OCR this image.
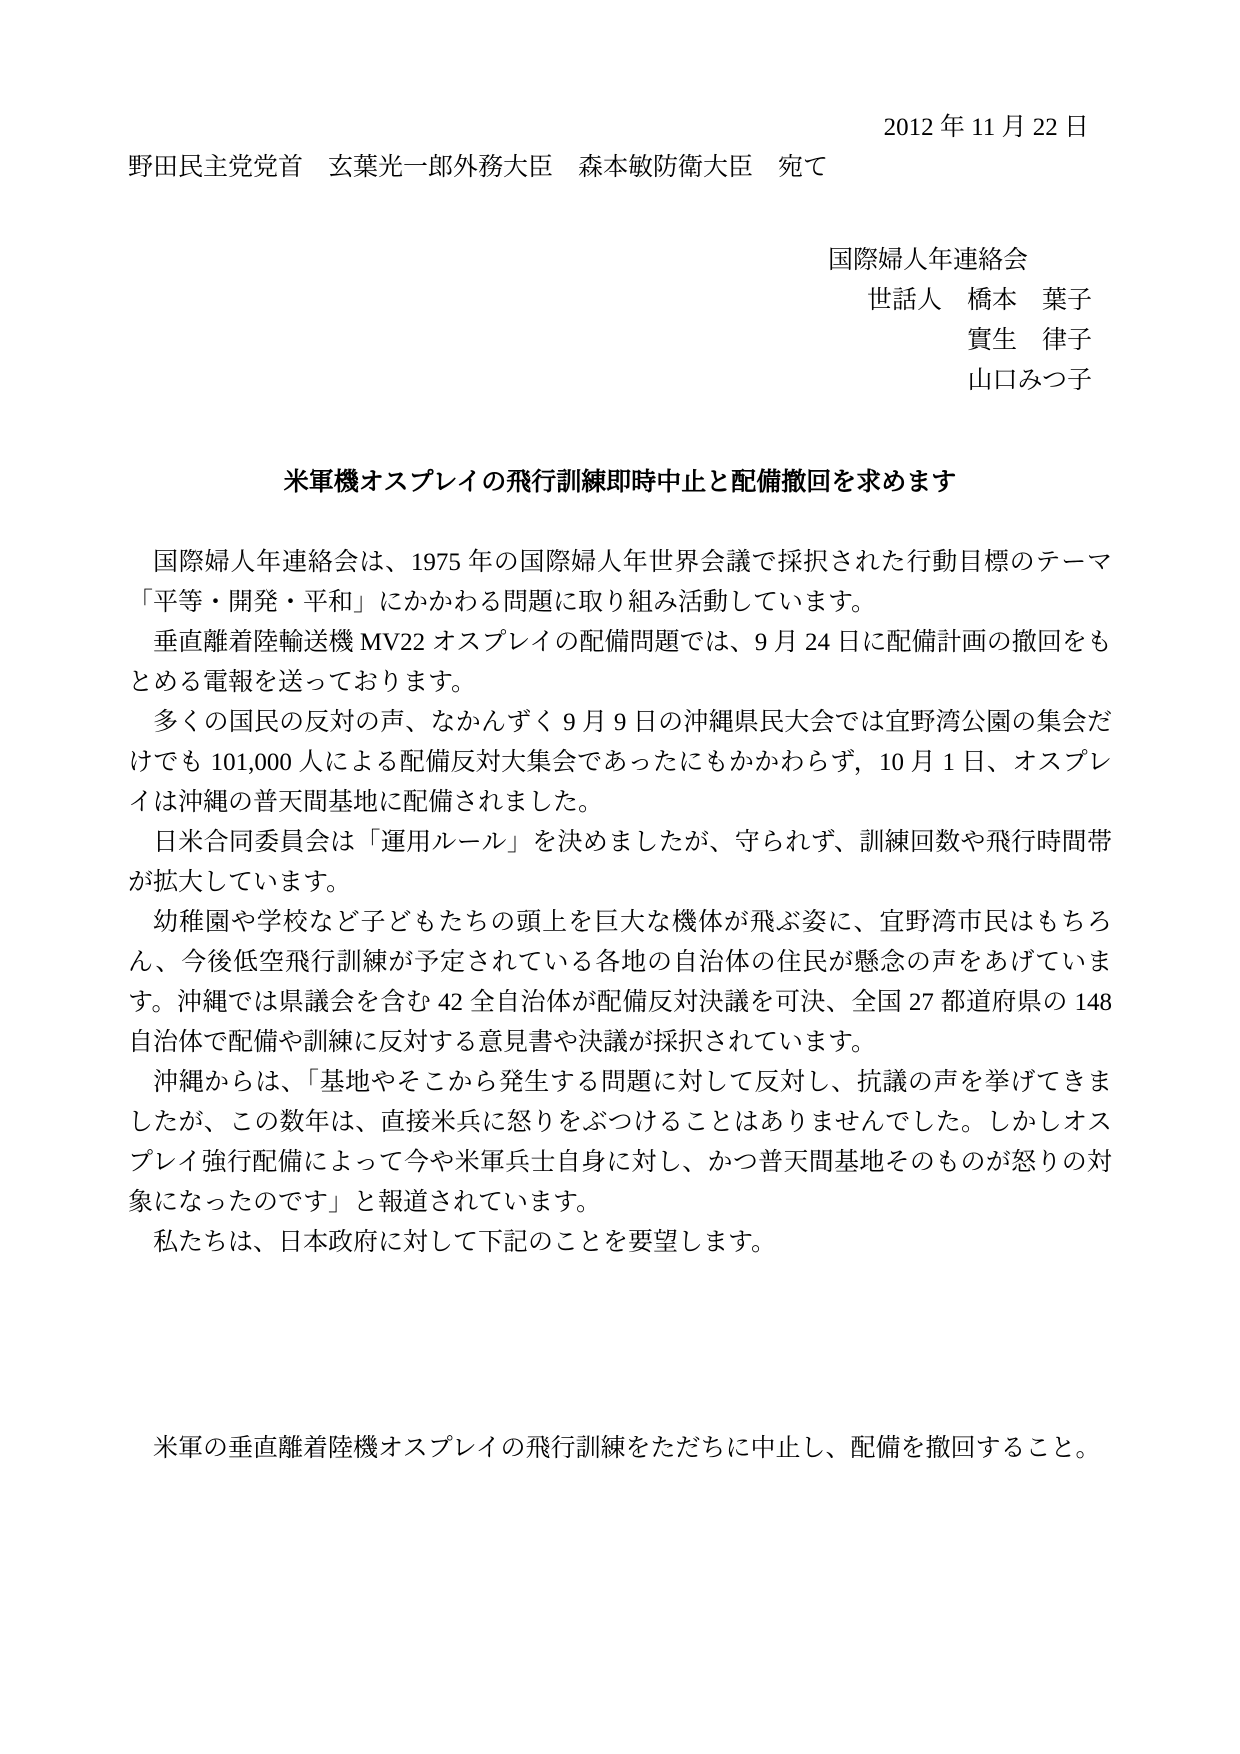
2012 年 11 月 22 日
野田民主党党首　玄葉光一郎外務大臣　森本敏防衛大臣　宛て
国際婦人年連絡会
世話人　橋本　葉子
實生　律子
山口みつ子
米軍機オスプレイの飛行訓練即時中止と配備撤回を求めます

国際婦人年連絡会は、1975 年の国際婦人年世界会議で採択された行動目標のテーマ「平等・開発・平和」にかかわる問題に取り組み活動しています。

垂直離着陸輸送機 MV22 オスプレイの配備問題では、9 月 24 日に配備計画の撤回をもとめる電報を送っております。

多くの国民の反対の声、なかんずく 9 月 9 日の沖縄県民大会では宜野湾公園の集会だけでも 101,000 人による配備反対大集会であったにもかかわらず，10 月 1 日、オスプレイは沖縄の普天間基地に配備されました。

日米合同委員会は「運用ルール」を決めましたが、守られず、訓練回数や飛行時間帯が拡大しています。

幼稚園や学校など子どもたちの頭上を巨大な機体が飛ぶ姿に、宜野湾市民はもちろん、今後低空飛行訓練が予定されている各地の自治体の住民が懸念の声をあげています。沖縄では県議会を含む 42 全自治体が配備反対決議を可決、全国 27 都道府県の 148 自治体で配備や訓練に反対する意見書や決議が採択されています。

沖縄からは、「基地やそこから発生する問題に対して反対し、抗議の声を挙げてきましたが、この数年は、直接米兵に怒りをぶつけることはありませんでした。しかしオスプレイ強行配備によって今や米軍兵士自身に対し、かつ普天間基地そのものが怒りの対象になったのです」と報道されています。

私たちは、日本政府に対して下記のことを要望します。

米軍の垂直離着陸機オスプレイの飛行訓練をただちに中止し、配備を撤回すること。
